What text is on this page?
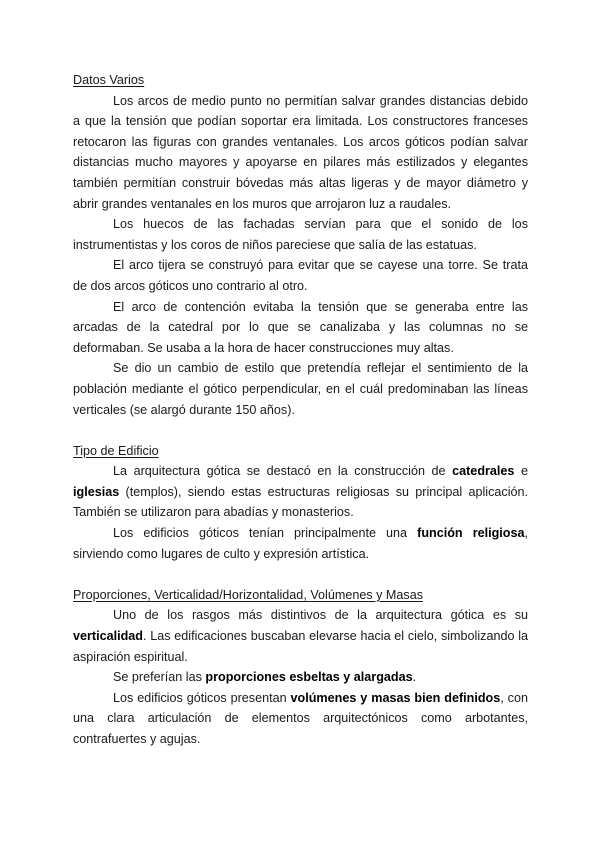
Datos Varios

Los arcos de medio punto no permitían salvar grandes distancias debido a que la tensión que podían soportar era limitada. Los constructores franceses retocaron las figuras con grandes ventanales. Los arcos góticos podían salvar distancias mucho mayores y apoyarse en pilares más estilizados y elegantes también permitían construir bóvedas más altas ligeras y de mayor diámetro y abrir grandes ventanales en los muros que arrojaron luz a raudales.

Los huecos de las fachadas servían para que el sonido de los instrumentistas y los coros de niños pareciese que salía de las estatuas.

El arco tijera se construyó para evitar que se cayese una torre. Se trata de dos arcos góticos uno contrario al otro.

El arco de contención evitaba la tensión que se generaba entre las arcadas de la catedral por lo que se canalizaba y las columnas no se deformaban. Se usaba a la hora de hacer construcciones muy altas.

Se dio un cambio de estilo que pretendía reflejar el sentimiento de la población mediante el gótico perpendicular, en el cuál predominaban las líneas verticales (se alargó durante 150 años).

Tipo de Edificio

La arquitectura gótica se destacó en la construcción de catedrales e iglesias (templos), siendo estas estructuras religiosas su principal aplicación. También se utilizaron para abadías y monasterios.

Los edificios góticos tenían principalmente una función religiosa, sirviendo como lugares de culto y expresión artística.

Proporciones, Verticalidad/Horizontalidad, Volúmenes y Masas

Uno de los rasgos más distintivos de la arquitectura gótica es su verticalidad. Las edificaciones buscaban elevarse hacia el cielo, simbolizando la aspiración espiritual.

Se preferían las proporciones esbeltas y alargadas.

Los edificios góticos presentan volúmenes y masas bien definidos, con una clara articulación de elementos arquitectónicos como arbotantes, contrafuertes y agujas.
